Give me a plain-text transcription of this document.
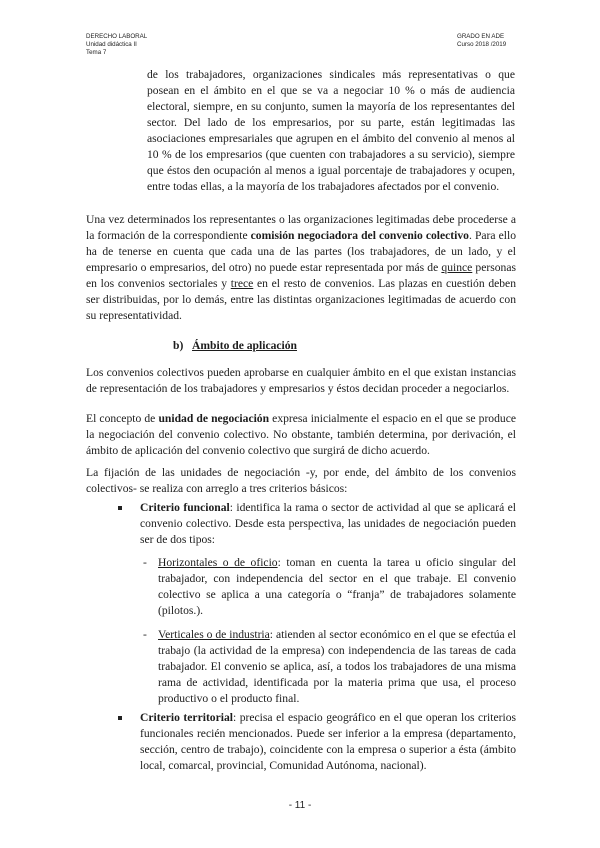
DERECHO LABORAL
Unidad didáctica II
Tema 7
GRADO EN ADE
Curso 2018 /2019
de los trabajadores, organizaciones sindicales más representativas o que posean en el ámbito en el que se va a negociar 10 % o más de audiencia electoral, siempre, en su conjunto, sumen la mayoría de los representantes del sector. Del lado de los empresarios, por su parte, están legitimadas las asociaciones empresariales que agrupen en el ámbito del convenio al menos al 10 % de los empresarios (que cuenten con trabajadores a su servicio), siempre que éstos den ocupación al menos a igual porcentaje de trabajadores y ocupen, entre todas ellas, a la mayoría de los trabajadores afectados por el convenio.
Una vez determinados los representantes o las organizaciones legitimadas debe procederse a la formación de la correspondiente comisión negociadora del convenio colectivo. Para ello ha de tenerse en cuenta que cada una de las partes (los trabajadores, de un lado, y el empresario o empresarios, del otro) no puede estar representada por más de quince personas en los convenios sectoriales y trece en el resto de convenios. Las plazas en cuestión deben ser distribuidas, por lo demás, entre las distintas organizaciones legitimadas de acuerdo con su representatividad.
b) Ámbito de aplicación
Los convenios colectivos pueden aprobarse en cualquier ámbito en el que existan instancias de representación de los trabajadores y empresarios y éstos decidan proceder a negociarlos.
El concepto de unidad de negociación expresa inicialmente el espacio en el que se produce la negociación del convenio colectivo. No obstante, también determina, por derivación, el ámbito de aplicación del convenio colectivo que surgirá de dicho acuerdo.
La fijación de las unidades de negociación -y, por ende, del ámbito de los convenios colectivos- se realiza con arreglo a tres criterios básicos:
Criterio funcional: identifica la rama o sector de actividad al que se aplicará el convenio colectivo. Desde esta perspectiva, las unidades de negociación pueden ser de dos tipos:
- Horizontales o de oficio: toman en cuenta la tarea u oficio singular del trabajador, con independencia del sector en el que trabaje. El convenio colectivo se aplica a una categoría o “franja” de trabajadores solamente (pilotos.).
- Verticales o de industria: atienden al sector económico en el que se efectúa el trabajo (la actividad de la empresa) con independencia de las tareas de cada trabajador. El convenio se aplica, así, a todos los trabajadores de una misma rama de actividad, identificada por la materia prima que usa, el proceso productivo o el producto final.
Criterio territorial: precisa el espacio geográfico en el que operan los criterios funcionales recién mencionados. Puede ser inferior a la empresa (departamento, sección, centro de trabajo), coincidente con la empresa o superior a ésta (ámbito local, comarcal, provincial, Comunidad Autónoma, nacional).
- 11 -
